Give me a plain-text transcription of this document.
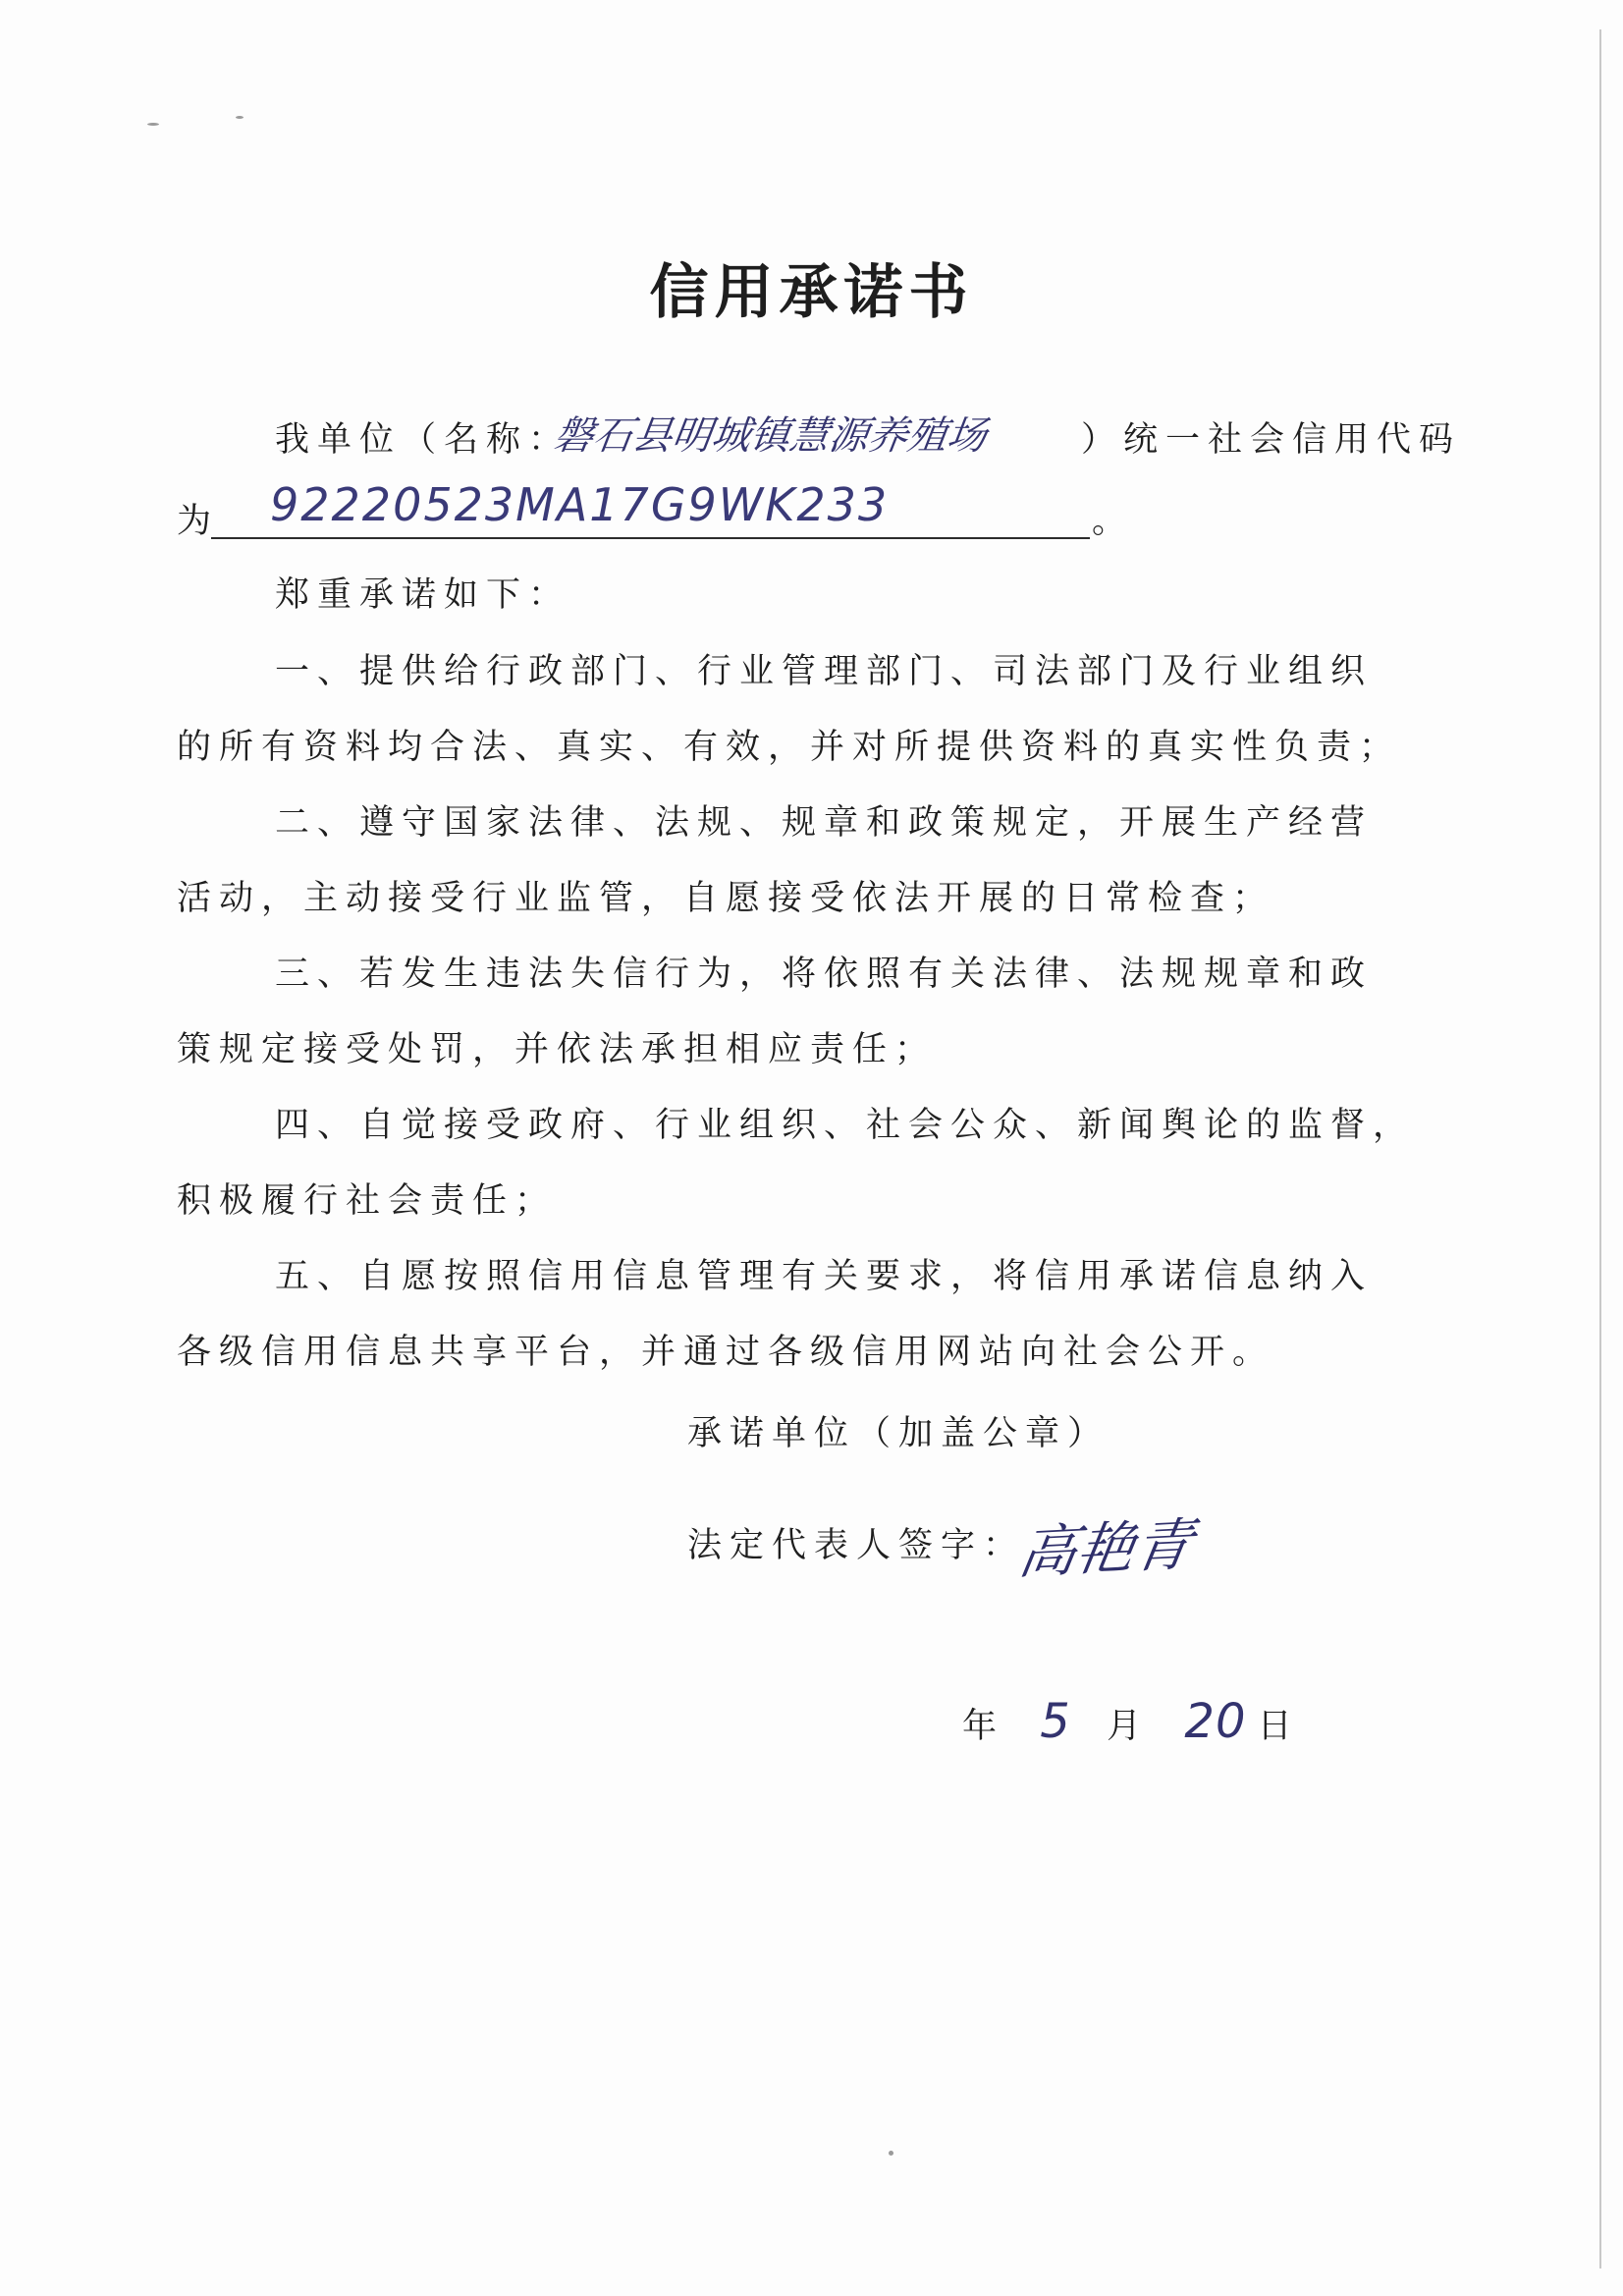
信用承诺书
我单位（名称：	）统一社会信用代码
磐石县明城镇慧源养殖场
为 92220523MA17G9WK233	。
郑重承诺如下：
一、提供给行政部门、行业管理部门、司法部门及行业组织
的所有资料均合法、真实、有效，并对所提供资料的真实性负责；
二、遵守国家法律、法规、规章和政策规定，开展生产经营
活动，主动接受行业监管，自愿接受依法开展的日常检查；
三、若发生违法失信行为，将依照有关法律、法规规章和政
策规定接受处罚，并依法承担相应责任；
四、自觉接受政府、行业组织、社会公众、新闻舆论的监督，
积极履行社会责任；
五、自愿按照信用信息管理有关要求，将信用承诺信息纳入
各级信用信息共享平台，并通过各级信用网站向社会公开。
承诺单位（加盖公章）
法定代表人签字：
高艳青
年 5 月 20 日
